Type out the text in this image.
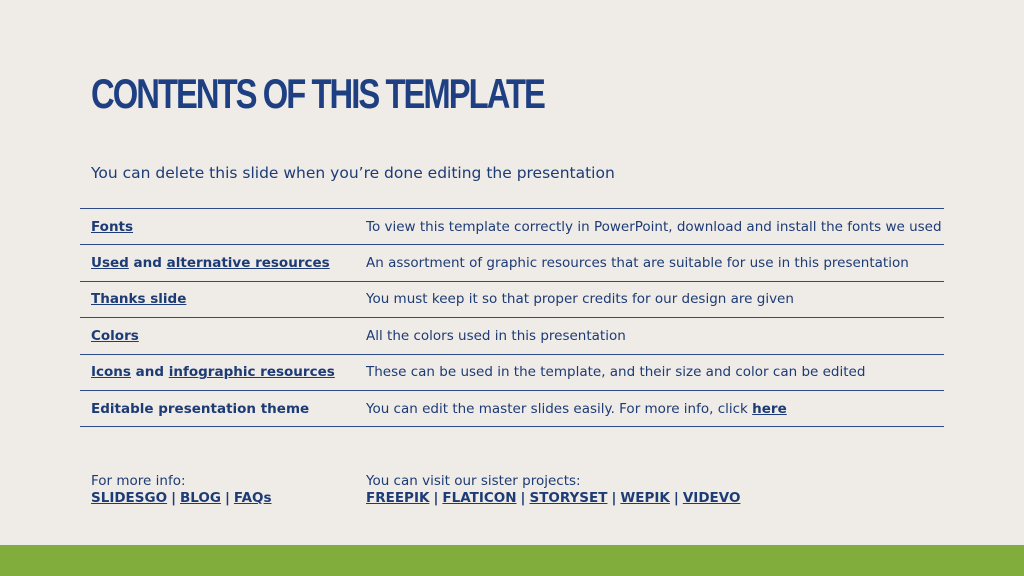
CONTENTS OF THIS TEMPLATE
You can delete this slide when you’re done editing the presentation
Fonts	To view this template correctly in PowerPoint, download and install the fonts we used
Used and alternative resources	An assortment of graphic resources that are suitable for use in this presentation
Thanks slide	You must keep it so that proper credits for our design are given
Colors	All the colors used in this presentation
Icons and infographic resources	These can be used in the template, and their size and color can be edited
Editable presentation theme	You can edit the master slides easily. For more info, click here
For more info:
SLIDESGO | BLOG | FAQs
You can visit our sister projects:
FREEPIK | FLATICON | STORYSET | WEPIK | VIDEVO
